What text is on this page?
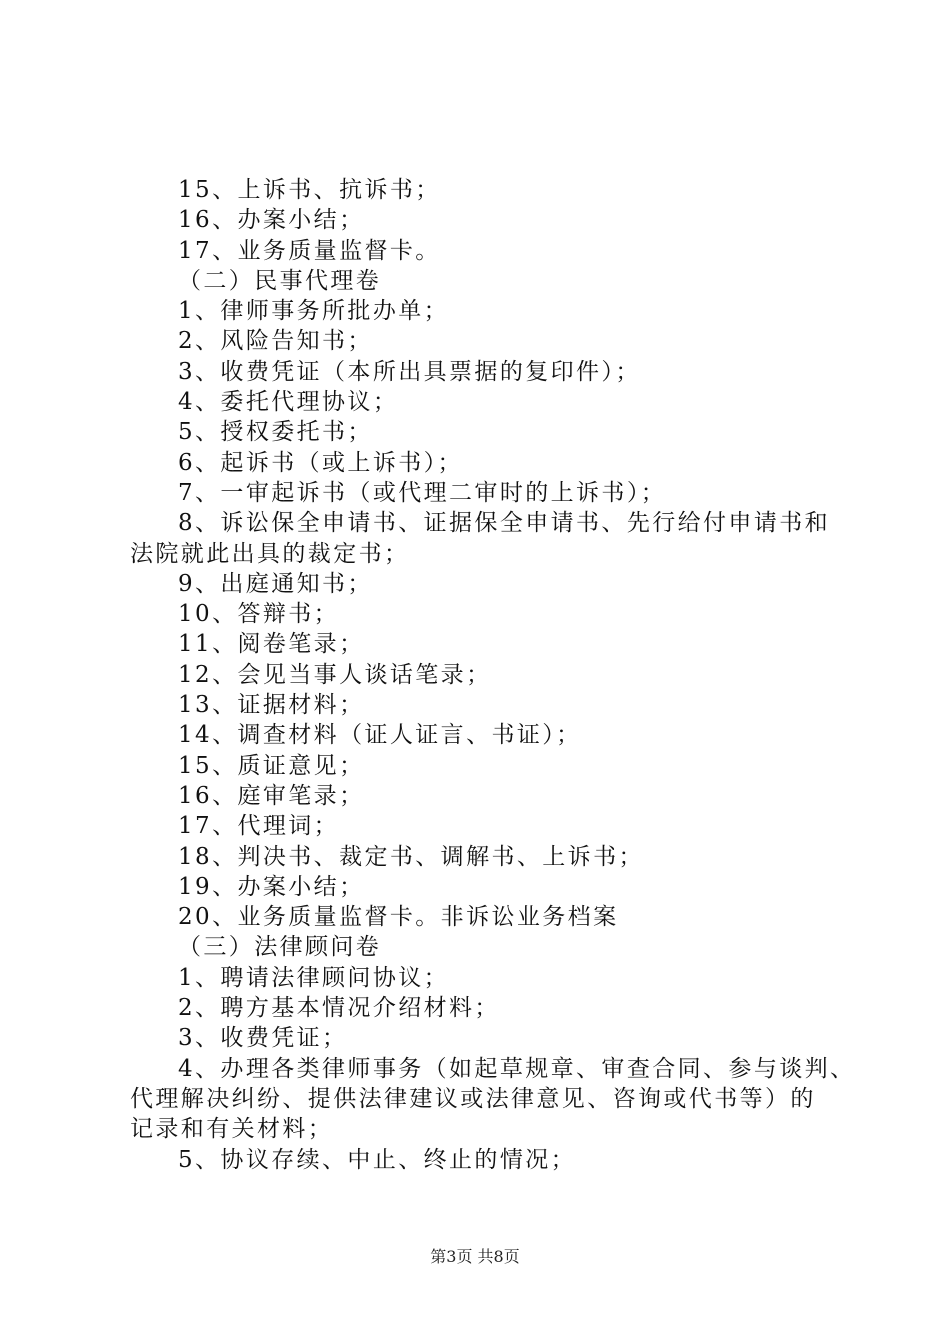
15、上诉书、抗诉书；
16、办案小结；
17、业务质量监督卡。
（二）民事代理卷
1、律师事务所批办单；
2、风险告知书；
3、收费凭证（本所出具票据的复印件）；
4、委托代理协议；
5、授权委托书；
6、起诉书（或上诉书）；
7、一审起诉书（或代理二审时的上诉书）；
8、诉讼保全申请书、证据保全申请书、先行给付申请书和
法院就此出具的裁定书；
9、出庭通知书；
10、答辩书；
11、阅卷笔录；
12、会见当事人谈话笔录；
13、证据材料；
14、调查材料（证人证言、书证）；
15、质证意见；
16、庭审笔录；
17、代理词；
18、判决书、裁定书、调解书、上诉书；
19、办案小结；
20、业务质量监督卡。非诉讼业务档案
（三）法律顾问卷
1、聘请法律顾问协议；
2、聘方基本情况介绍材料；
3、收费凭证；
4、办理各类律师事务（如起草规章、审查合同、参与谈判、
代理解决纠纷、提供法律建议或法律意见、咨询或代书等）的
记录和有关材料；
5、协议存续、中止、终止的情况；
第3页 共8页
